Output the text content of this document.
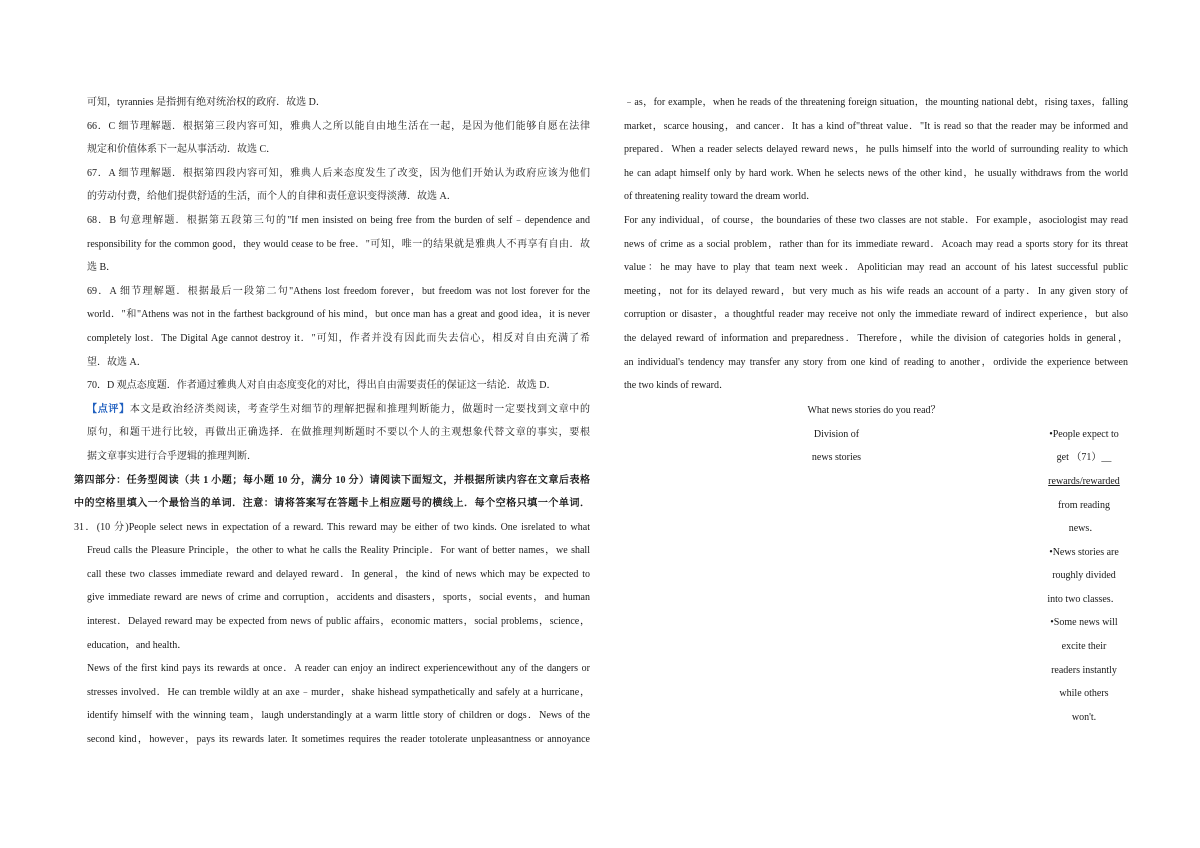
可知，tyrannies 是指拥有绝对统治权的政府．故选 D．

66．C 细节理解题．根据第三段内容可知，雅典人之所以能自由地生活在一起，是因为他们能够自愿在法律

规定和价值体系下一起从事活动．故选 C．

67．A 细节理解题．根据第四段内容可知，雅典人后来态度发生了改变，因为他们开始认为政府应该为他们

的劳动付费，给他们提供舒适的生活，而个人的自律和责任意识变得淡薄．故选 A．

68．B 句意理解题．根据第五段第三句的"If men insisted on being free from the burden of self﹣dependence and

responsibility for the common good，they would cease to be free．"可知，唯一的结果就是雅典人不再享有自由．故

选 B．

69．A 细节理解题．根据最后一段第二句"Athens lost freedom forever，but freedom was not lost forever for the

world．"和"Athens was not in the farthest background of his mind，but once man has a great and good idea，it is never

completely lost．The Digital Age cannot destroy it．"可知，作者并没有因此而失去信心，相反对自由充满了希

望．故选 A．

70．D 观点态度题．作者通过雅典人对自由态度变化的对比，得出自由需要责任的保证这一结论．故选 D．

【点评】本文是政治经济类阅读，考查学生对细节的理解把握和推理判断能力，做题时一定要找到文章中的

原句，和题干进行比较，再做出正确选择．在做推理判断题时不要以个人的主观想象代替文章的事实，要根

据文章事实进行合乎逻辑的推理判断．

第四部分：任务型阅读（共 1 小题；每小题 10 分，满分 10 分）请阅读下面短文，并根据所读内容在文章后表格

中的空格里填入一个最恰当的单词．注意：请将答案写在答题卡上相应题号的横线上．每个空格只填一个单词．

31．(10 分)People select news in expectation of a reward. This reward may be either of two kinds. One isrelated to what

Freud calls the Pleasure Principle，the other to what he calls the Reality Principle．For want of better names，we shall

call these two classes immediate reward and delayed reward．In general，the kind of news which may be expected to

give immediate reward are news of crime and corruption，accidents and disasters，sports，social events，and human

interest．Delayed reward may be expected from news of public affairs，economic matters，social problems，science，

education，and health．

News of the first kind pays its rewards at once．A reader can enjoy an indirect experiencewithout any of the dangers or

stresses involved．He can tremble wildly at an axe﹣murder，shake hishead sympathetically and safely at a hurricane，

identify himself with the winning team，laugh understandingly at a warm little story of children or dogs．News of the

second kind，however，pays its rewards later. It sometimes requires the reader totolerate unpleasantness or annoyance

﹣as，for example，when he reads of the threatening foreign situation，the mounting national debt，rising taxes，falling

market，scarce housing，and cancer．It has a kind of"threat value．"It is read so that the reader may be informed and

prepared．When a reader selects delayed reward news，he pulls himself into the world of surrounding reality to which

he can adapt himself only by hard work. When he selects news of the other kind，he usually withdraws from the world

of threatening reality toward the dream world．

For any individual，of course，the boundaries of these two classes are not stable．For example，asociologist may read

news of crime as a social problem，rather than for its immediate reward．Acoach may read a sports story for its threat

value：he may have to play that team next week．Apolitician may read an account of his latest successful public

meeting，not for its delayed reward，but very much as his wife reads an account of a party．In any given story of

corruption or disaster，a thoughtful reader may receive not only the immediate reward of indirect experience，but also

the delayed reward of information and preparedness．Therefore，while the division of categories holds in general，

an individual's tendency may transfer any story from one kind of reading to another，ordivide the experience between

the two kinds of reward．

What news stories do you read？
Division of
news stories
•People expect to
get （71）__
rewards/rewarded
from reading
news．
•News stories are
roughly divided
into two classes．
•Some news will
excite their
readers instantly
while others
won't.
